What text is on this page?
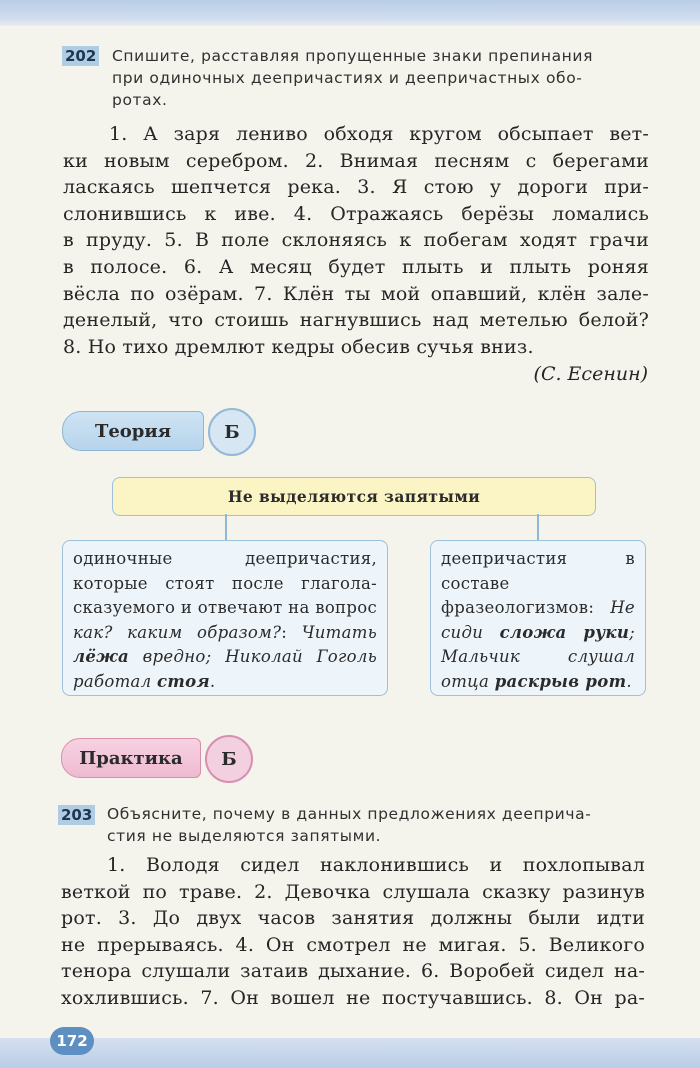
202 Спишите, расставляя пропущенные знаки препинания
при одиночных деепричастиях и деепричастных обо-
ротах.
1. А заря лениво обходя кругом обсыпает вет-
ки новым серебром. 2. Внимая песням с берегами
ласкаясь шепчется река. 3. Я стою у дороги при-
слонившись к иве. 4. Отражаясь берёзы ломались
в пруду. 5. В поле склоняясь к побегам ходят грачи
в полосе. 6. А месяц будет плыть и плыть роняя
вёсла по озёрам. 7. Клён ты мой опавший, клён зале-
денелый, что стоишь нагнувшись над метелью белой?
8. Но тихо дремлют кедры обесив сучья вниз.
(С. Есенин)
Теория	Б
Не выделяются запятыми
одиночные деепричастия, которые стоят после глагола-сказуемого и отвечают на вопрос как? каким образом?: Читать лёжа вредно; Николай Гоголь работал стоя.
деепричастия в составе фразеологизмов: Не сиди сложа руки; Мальчик слушал отца раскрыв рот.
Практика	Б
203 Объясните, почему в данных предложениях дееприча-
стия не выделяются запятыми.
1. Володя сидел наклонившись и похлопывал
веткой по траве. 2. Девочка слушала сказку разинув
рот. 3. До двух часов занятия должны были идти
не прерываясь. 4. Он смотрел не мигая. 5. Великого
тенора слушали затаив дыхание. 6. Воробей сидел на-
хохлившись. 7. Он вошел не постучавшись. 8. Он ра-
172
